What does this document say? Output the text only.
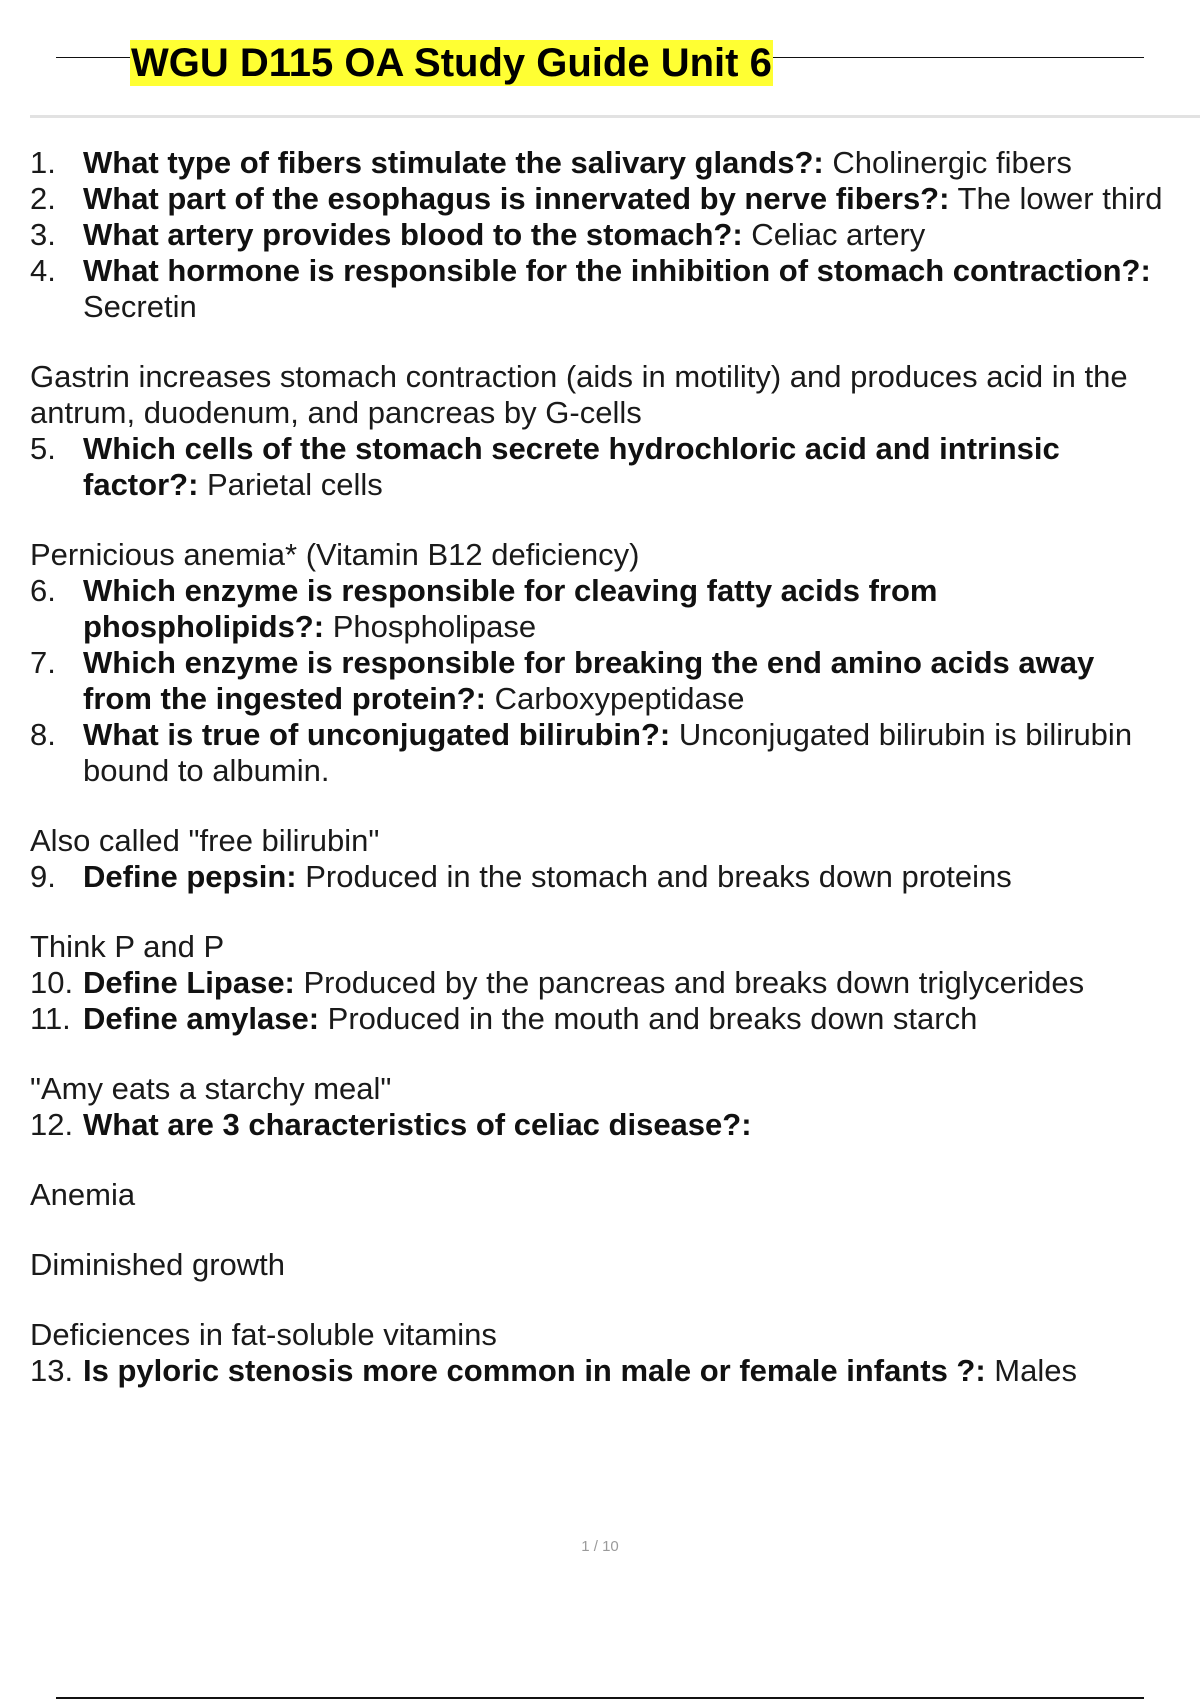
WGU D115 OA Study Guide Unit 6
1. What type of fibers stimulate the salivary glands?: Cholinergic fibers
2. What part of the esophagus is innervated by nerve fibers?: The lower third
3. What artery provides blood to the stomach?: Celiac artery
4. What hormone is responsible for the inhibition of stomach contraction?:
Secretin
Gastrin increases stomach contraction (aids in motility) and produces acid in the
antrum, duodenum, and pancreas by G-cells
5. Which cells of the stomach secrete hydrochloric acid and intrinsic
factor?: Parietal cells
Pernicious anemia* (Vitamin B12 deficiency)
6. Which enzyme is responsible for cleaving fatty acids from
phospholipids?: Phospholipase
7. Which enzyme is responsible for breaking the end amino acids away
from the ingested protein?: Carboxypeptidase
8. What is true of unconjugated bilirubin?: Unconjugated bilirubin is bilirubin
bound to albumin.
Also called "free bilirubin"
9. Define pepsin: Produced in the stomach and breaks down proteins
Think P and P
10. Define Lipase: Produced by the pancreas and breaks down triglycerides
11. Define amylase: Produced in the mouth and breaks down starch
"Amy eats a starchy meal"
12. What are 3 characteristics of celiac disease?:
Anemia
Diminished growth
Deficiences in fat-soluble vitamins
13. Is pyloric stenosis more common in male or female infants ?: Males
1 / 10
